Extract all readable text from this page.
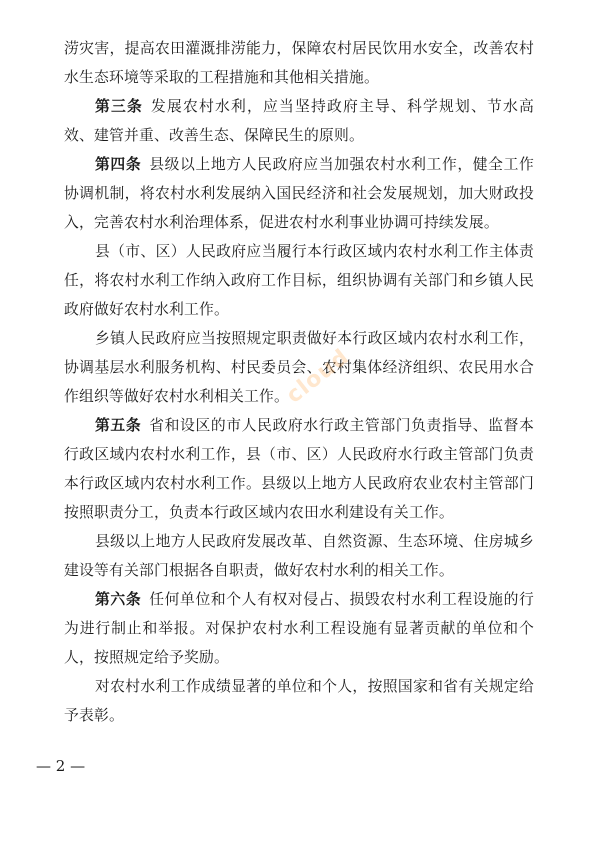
涝灾害，提高农田灌溉排涝能力，保障农村居民饮用水安全，改善农村水生态环境等采取的工程措施和其他相关措施。

第三条 发展农村水利，应当坚持政府主导、科学规划、节水高效、建管并重、改善生态、保障民生的原则。

第四条 县级以上地方人民政府应当加强农村水利工作，健全工作协调机制，将农村水利发展纳入国民经济和社会发展规划，加大财政投入，完善农村水利治理体系，促进农村水利事业协调可持续发展。

县（市、区）人民政府应当履行本行政区域内农村水利工作主体责任，将农村水利工作纳入政府工作目标，组织协调有关部门和乡镇人民政府做好农村水利工作。

乡镇人民政府应当按照规定职责做好本行政区域内农村水利工作，协调基层水利服务机构、村民委员会、农村集体经济组织、农民用水合作组织等做好农村水利相关工作。

第五条 省和设区的市人民政府水行政主管部门负责指导、监督本行政区域内农村水利工作，县（市、区）人民政府水行政主管部门负责本行政区域内农村水利工作。县级以上地方人民政府农业农村主管部门按照职责分工，负责本行政区域内农田水利建设有关工作。

县级以上地方人民政府发展改革、自然资源、生态环境、住房城乡建设等有关部门根据各自职责，做好农村水利的相关工作。

第六条 任何单位和个人有权对侵占、损毁农村水利工程设施的行为进行制止和举报。对保护农村水利工程设施有显著贡献的单位和个人，按照规定给予奖励。

对农村水利工作成绩显著的单位和个人，按照国家和省有关规定给予表彰。

cloud
— 2 —
